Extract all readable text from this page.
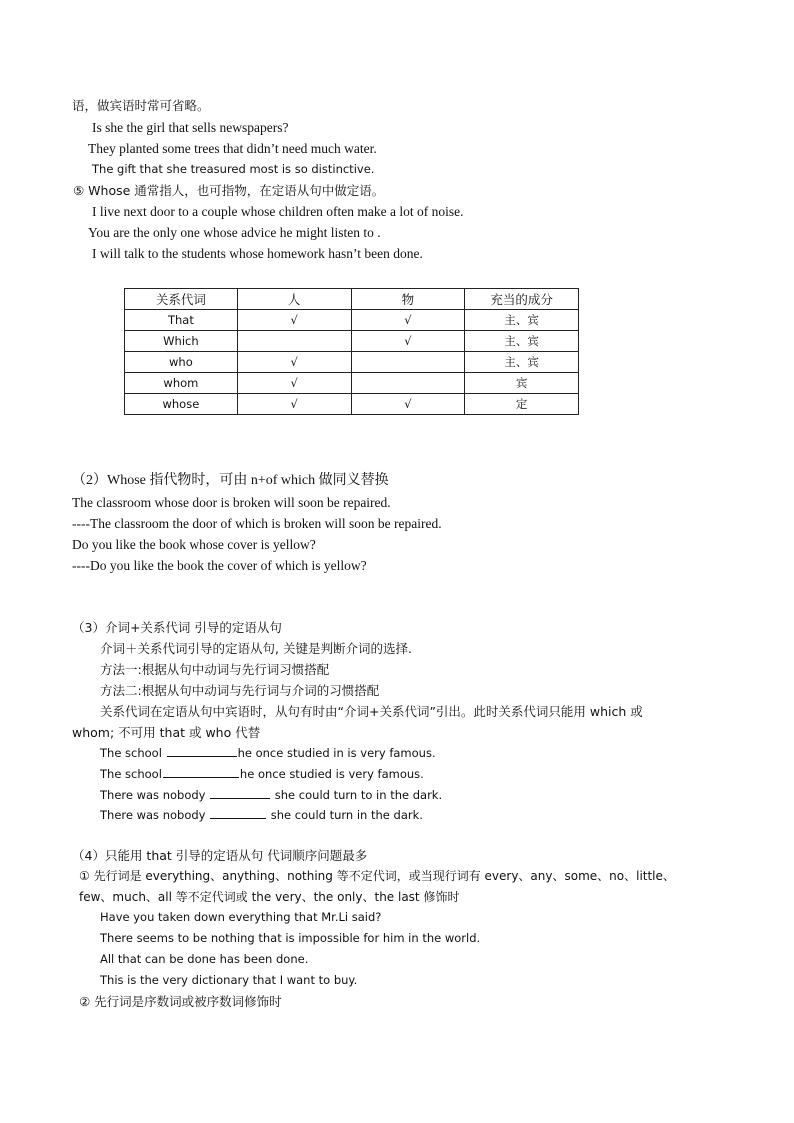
语，做宾语时常可省略。
Is she the girl that sells newspapers?
They planted some trees that didn’t need much water.
The gift that she treasured most is so distinctive.
⑤ Whose 通常指人，也可指物，在定语从句中做定语。
I live next door to a couple whose children often make a lot of noise.
You are the only one whose advice he might listen to .
I will talk to the students whose homework hasn’t been done.
关系代词	人	物	充当的成分
That	√	√	主、宾
Which		√	主、宾
who	√		主、宾
whom	√		宾
whose	√	√	定
（2）Whose 指代物时，可由 n+of which 做同义替换
The classroom whose door is broken will soon be repaired.
----The classroom the door of which is broken will soon be repaired.
Do you like the book whose cover is yellow?
----Do you like the book the cover of which is yellow?
（3）介词+关系代词 引导的定语从句
介词＋关系代词引导的定语从句, 关键是判断介词的选择.
方法一:根据从句中动词与先行词习惯搭配
方法二:根据从句中动词与先行词与介词的习惯搭配
关系代词在定语从句中宾语时，从句有时由“介词+关系代词”引出。此时关系代词只能用 which 或
whom; 不可用 that 或 who 代替
The school	he once studied in is very famous.
The school	he once studied is very famous.
There was nobody	she could turn to in the dark.
There was nobody	she could turn in the dark.
（4）只能用 that 引导的定语从句 代词顺序问题最多
① 先行词是 everything、anything、nothing 等不定代词，或当现行词有 every、any、some、no、little、
few、much、all 等不定代词或 the very、the only、the last 修饰时
Have you taken down everything that Mr.Li said?
There seems to be nothing that is impossible for him in the world.
All that can be done has been done.
This is the very dictionary that I want to buy.
② 先行词是序数词或被序数词修饰时
